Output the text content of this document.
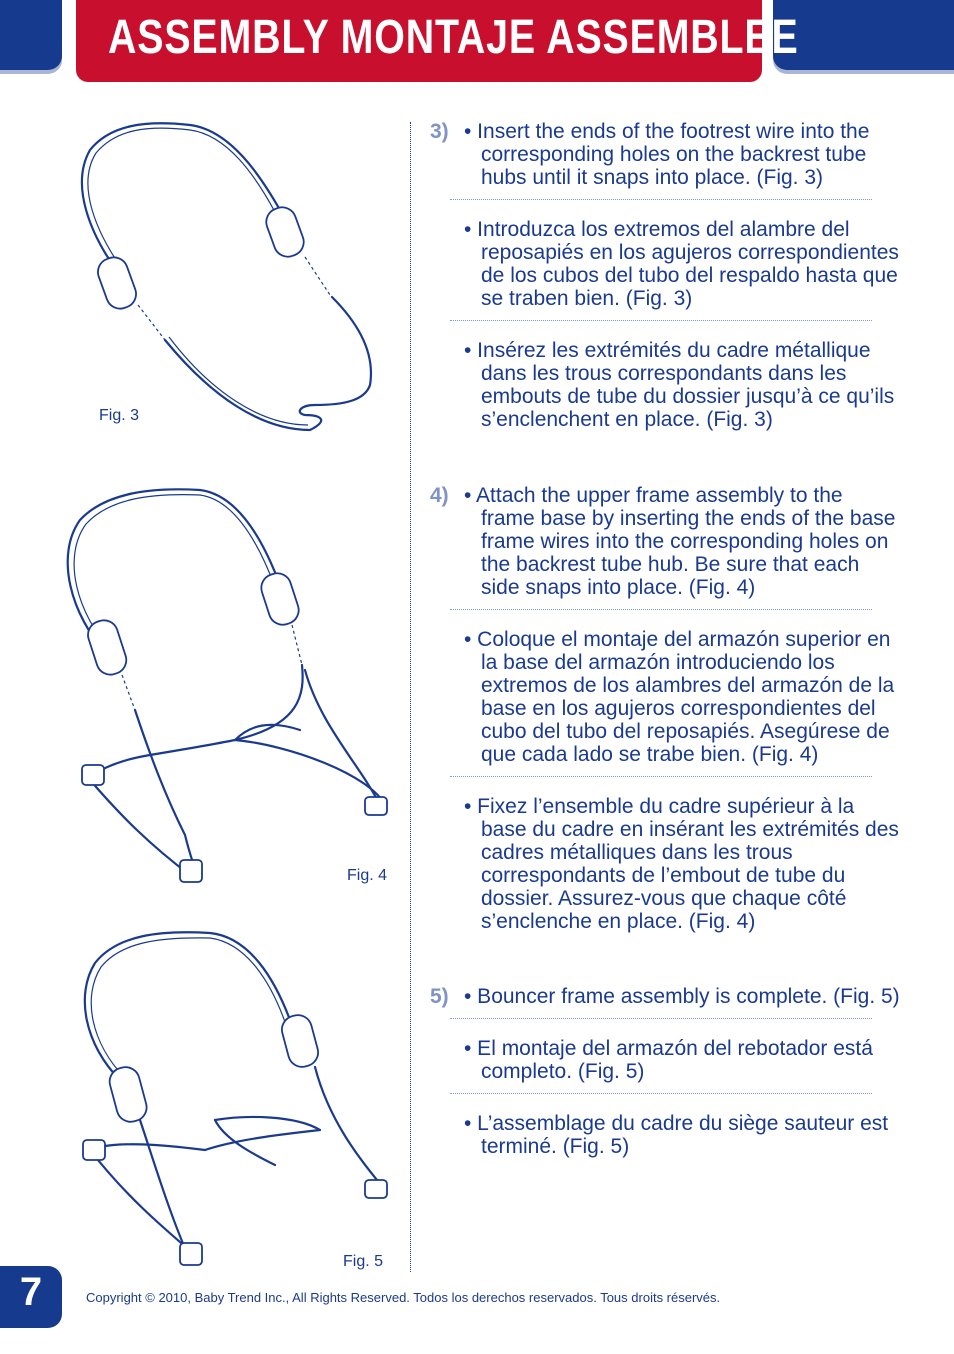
ASSEMBLY MONTAJE ASSEMBLEE
Fig. 3
Fig. 4
Fig. 5
3) • Insert the ends of the footrest wire into the corresponding holes on the backrest tube hubs until it snaps into place. (Fig. 3)
• Introduzca los extremos del alambre del reposapiés en los agujeros correspondientes de los cubos del tubo del respaldo hasta que se traben bien. (Fig. 3)
• Insérez les extrémités du cadre métallique dans les trous correspondants dans les embouts de tube du dossier jusqu’à ce qu’ils s’enclenchent en place. (Fig. 3)
4) • Attach the upper frame assembly to the frame base by inserting the ends of the base frame wires into the corresponding holes on the backrest tube hub. Be sure that each side snaps into place. (Fig. 4)
• Coloque el montaje del armazón superior en la base del armazón introduciendo los extremos de los alambres del armazón de la base en los agujeros correspondientes del cubo del tubo del reposapiés. Asegúrese de que cada lado se trabe bien. (Fig. 4)
• Fixez l’ensemble du cadre supérieur à la base du cadre en insérant les extrémités des cadres métalliques dans les trous correspondants de l’embout de tube du dossier. Assurez-vous que chaque côté s’enclenche en place. (Fig. 4)
5) • Bouncer frame assembly is complete. (Fig. 5)
• El montaje del armazón del rebotador está completo. (Fig. 5)
• L’assemblage du cadre du siège sauteur est terminé. (Fig. 5)
7	Copyright © 2010, Baby Trend Inc., All Rights Reserved. Todos los derechos reservados. Tous droits réservés.
